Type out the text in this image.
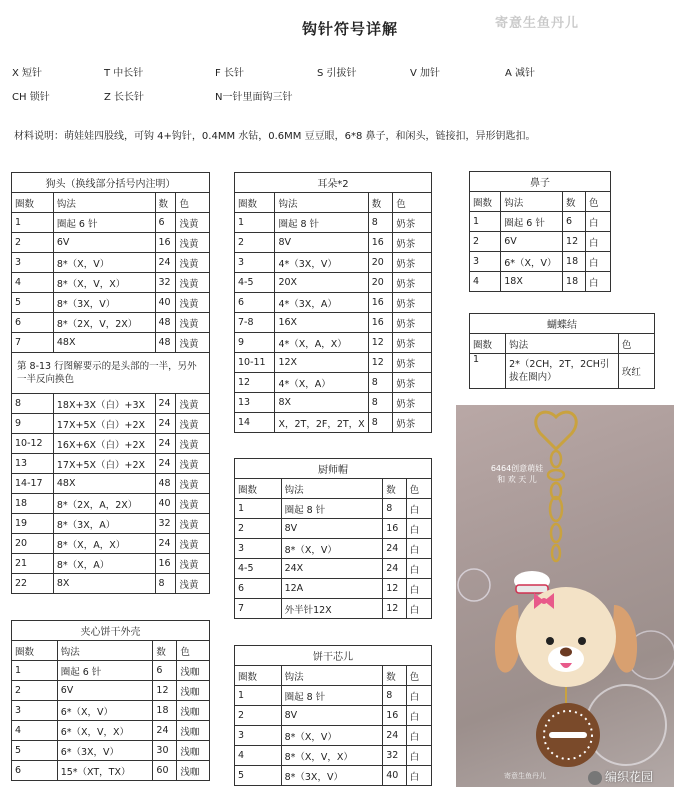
钩针符号详解	寄意生鱼丹儿
X 短针	T 中长针	F 长针	S 引拔针	V 加针	A 减针
CH 锁针	Z 长长针	N一针里面钩三针
材料说明：萌娃娃四股线，可钩 4+钩针，0.4MM 水钻，0.6MM 豆豆眼，6*8 鼻子，和闲头，链接扣，异形钥匙扣。
狗头（换线部分括号内注明）			
圈数	钩法	数	色
1	圈起 6 针	6	浅黄
2	6V	16	浅黄
3	8*（X，V）	24	浅黄
4	8*（X，V，X）	32	浅黄
5	8*（3X，V）	40	浅黄
6	8*（2X，V，2X）	48	浅黄
7	48X	48	浅黄
第 8-13 行图解要示的是头部的一半，另外一半反向换色			
8	18X+3X（白）+3X	24	浅黄
9	17X+5X（白）+2X	24	浅黄
10-12	16X+6X（白）+2X	24	浅黄
13	17X+5X（白）+2X	24	浅黄
14-17	48X	48	浅黄
18	8*（2X，A，2X）	40	浅黄
19	8*（3X，A）	32	浅黄
20	8*（X，A，X）	24	浅黄
21	8*（X，A）	16	浅黄
22	8X	8	浅黄
耳朵*2			
圈数	钩法	数	色
1	圈起 8 针	8	奶茶
2	8V	16	奶茶
3	4*（3X，V）	20	奶茶
4-5	20X	20	奶茶
6	4*（3X，A）	16	奶茶
7-8	16X	16	奶茶
9	4*（X，A，X）	12	奶茶
10-11	12X	12	奶茶
12	4*（X，A）	8	奶茶
13	8X	8	奶茶
14	X，2T，2F，2T，X	8	奶茶
鼻子			
圈数	钩法	数	色
1	圈起 6 针	6	白
2	6V	12	白
3	6*（X，V）	18	白
4	18X	18	白
蝴蝶结		
圈数	钩法	色
1	2*（2CH，2T，2CH引拔在圈内）	玫红
厨师帽			
圈数	钩法	数	色
1	圈起 8 针	8	白
2	8V	16	白
3	8*（X，V）	24	白
4-5	24X	24	白
6	12A	12	白
7	外半针12X	12	白
夹心饼干外壳			
圈数	钩法	数	色
1	圈起 6 针	6	浅咖
2	6V	12	浅咖
3	6*（X，V）	18	浅咖
4	6*（X，V，X）	24	浅咖
5	6*（3X，V）	30	浅咖
6	15*（XT，TX）	60	浅咖
饼干芯儿			
圈数	钩法	数	色
1	圈起 8 针	8	白
2	8V	16	白
3	8*（X，V）	24	白
4	8*（X，V，X）	32	白
5	8*（3X，V）	40	白
6464创意萌娃 和 欢 天 儿
寄意生鱼丹儿	编织花园
